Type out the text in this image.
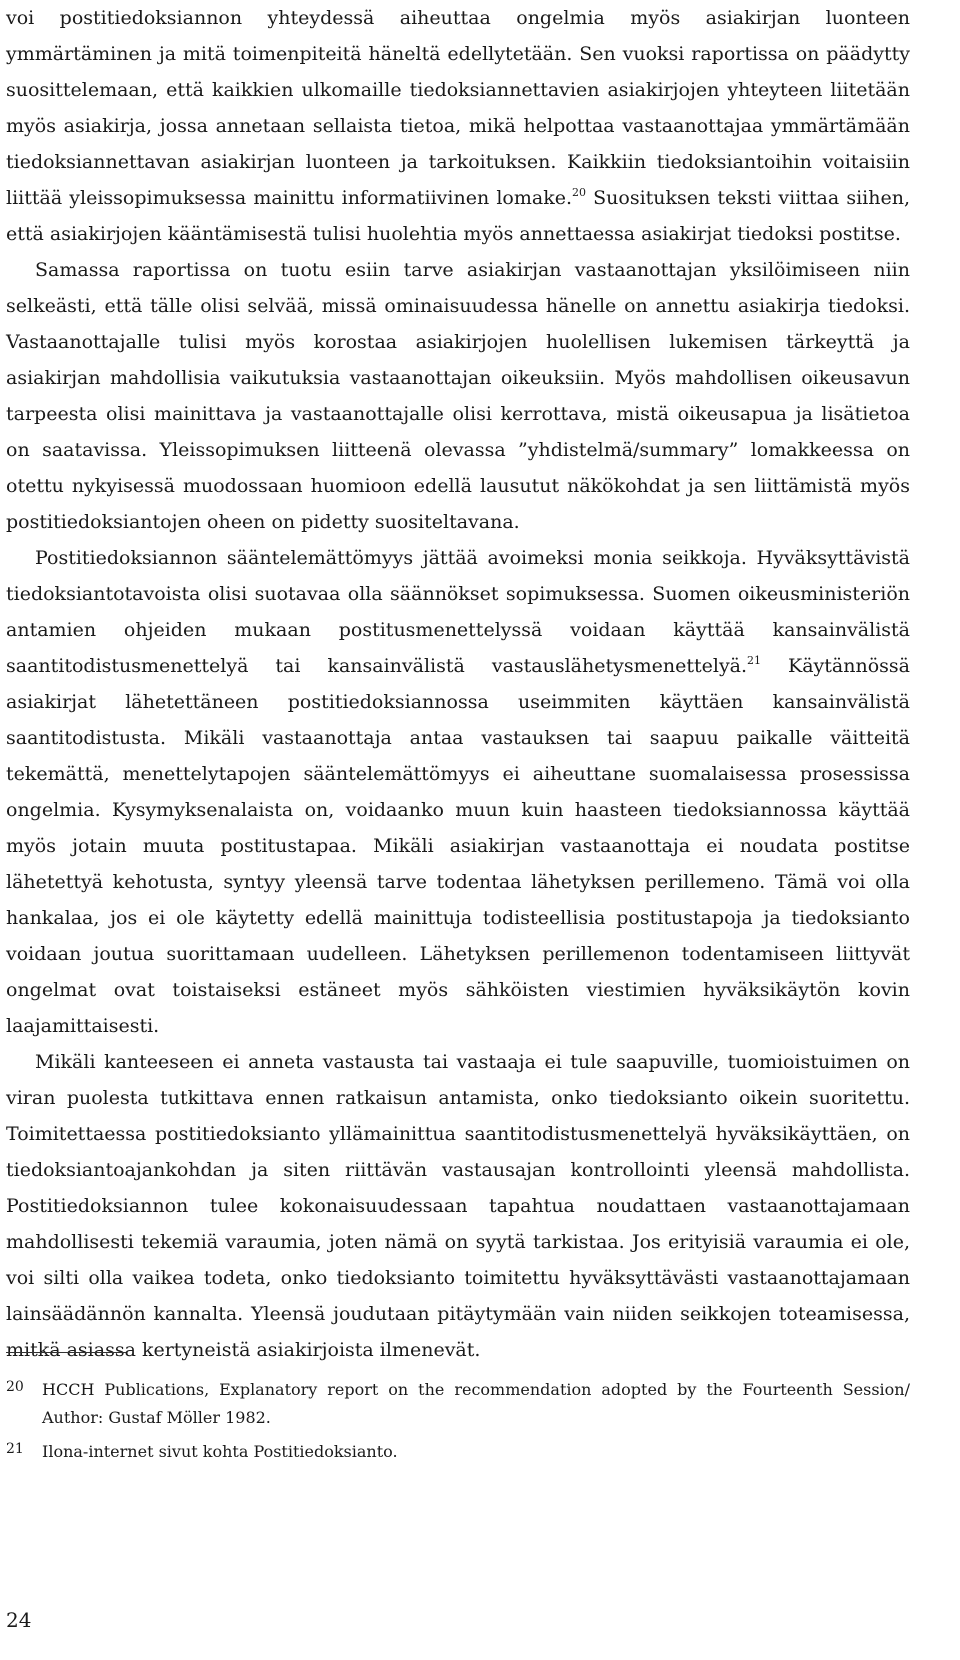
voi postitiedoksiannon yhteydessä aiheuttaa ongelmia myös asiakirjan luonteen ymmärtäminen ja mitä toimenpiteitä häneltä edellytetään. Sen vuoksi raportissa on päädytty suosittelemaan, että kaikkien ulkomaille tiedoksiannettavien asiakirjojen yhteyteen liitetään myös asiakirja, jossa annetaan sellaista tietoa, mikä helpottaa vastaanottajaa ymmärtämään tiedoksiannettavan asiakirjan luonteen ja tarkoituksen. Kaikkiin tiedoksiantoihin voitaisiin liittää yleissopimuksessa mainittu informatiivinen lomake.$^{20}$ Suosituksen teksti viittaa siihen, että asiakirjojen kääntämisestä tulisi huolehtia myös annettaessa asiakirjat tiedoksi postitse.

Samassa raportissa on tuotu esiin tarve asiakirjan vastaanottajan yksilöimiseen niin selkeästi, että tälle olisi selvää, missä ominaisuudessa hänelle on annettu asiakirja tiedoksi. Vastaanottajalle tulisi myös korostaa asiakirjojen huolellisen lukemisen tärkeyttä ja asiakirjan mahdollisia vaikutuksia vastaanottajan oikeuksiin. Myös mahdollisen oikeusavun tarpeesta olisi mainittava ja vastaanottajalle olisi kerrottava, mistä oikeusapua ja lisätietoa on saatavissa. Yleissopimuksen liitteenä olevassa ”yhdistelmä/summary” lomakkeessa on otettu nykyisessä muodossaan huomioon edellä lausutut näkökohdat ja sen liittämistä myös postitiedoksiantojen oheen on pidetty suositeltavana.

Postitiedoksiannon sääntelemättömyys jättää avoimeksi monia seikkoja. Hyväksyttävistä tiedoksiantotavoista olisi suotavaa olla säännökset sopimuksessa. Suomen oikeusministeriön antamien ohjeiden mukaan postitusmenettelyssä voidaan käyttää kansainvälistä saantitodistusmenettelyä tai kansainvälistä vastauslähetysmenettelyä.$^{21}$ Käytännössä asiakirjat lähetettäneen postitiedoksiannossa useimmiten käyttäen kansainvälistä saantitodistusta. Mikäli vastaanottaja antaa vastauksen tai saapuu paikalle väitteitä tekemättä, menettelytapojen sääntelemättömyys ei aiheuttane suomalaisessa prosessissa ongelmia. Kysymyksenalaista on, voidaanko muun kuin haasteen tiedoksiannossa käyttää myös jotain muuta postitustapaa. Mikäli asiakirjan vastaanottaja ei noudata postitse lähetettyä kehotusta, syntyy yleensä tarve todentaa lähetyksen perillemeno. Tämä voi olla hankalaa, jos ei ole käytetty edellä mainittuja todisteellisia postitustapoja ja tiedoksianto voidaan joutua suorittamaan uudelleen. Lähetyksen perillemenon todentamiseen liittyvät ongelmat ovat toistaiseksi estäneet myös sähköisten viestimien hyväksikäytön kovin laajamittaisesti.

Mikäli kanteeseen ei anneta vastausta tai vastaaja ei tule saapuville, tuomioistuimen on viran puolesta tutkittava ennen ratkaisun antamista, onko tiedoksianto oikein suoritettu. Toimitettaessa postitiedoksianto yllämainittua saantitodistusmenettelyä hyväksikäyttäen, on tiedoksiantoajankohdan ja siten riittävän vastausajan kontrollointi yleensä mahdollista. Postitiedoksiannon tulee kokonaisuudessaan tapahtua noudattaen vastaanottajamaan mahdollisesti tekemiä varaumia, joten nämä on syytä tarkistaa. Jos erityisiä varaumia ei ole, voi silti olla vaikea todeta, onko tiedoksianto toimitettu hyväksyttävästi vastaanottajamaan lainsäädännön kannalta. Yleensä joudutaan pitäytymään vain niiden seikkojen toteamisessa, mitkä asiassa kertyneistä asiakirjoista ilmenevät.

20	HCCH Publications, Explanatory report on the recommendation adopted by the Fourteenth Session/ Author: Gustaf Möller 1982.
21	Ilona-internet sivut kohta Postitiedoksianto.
24
